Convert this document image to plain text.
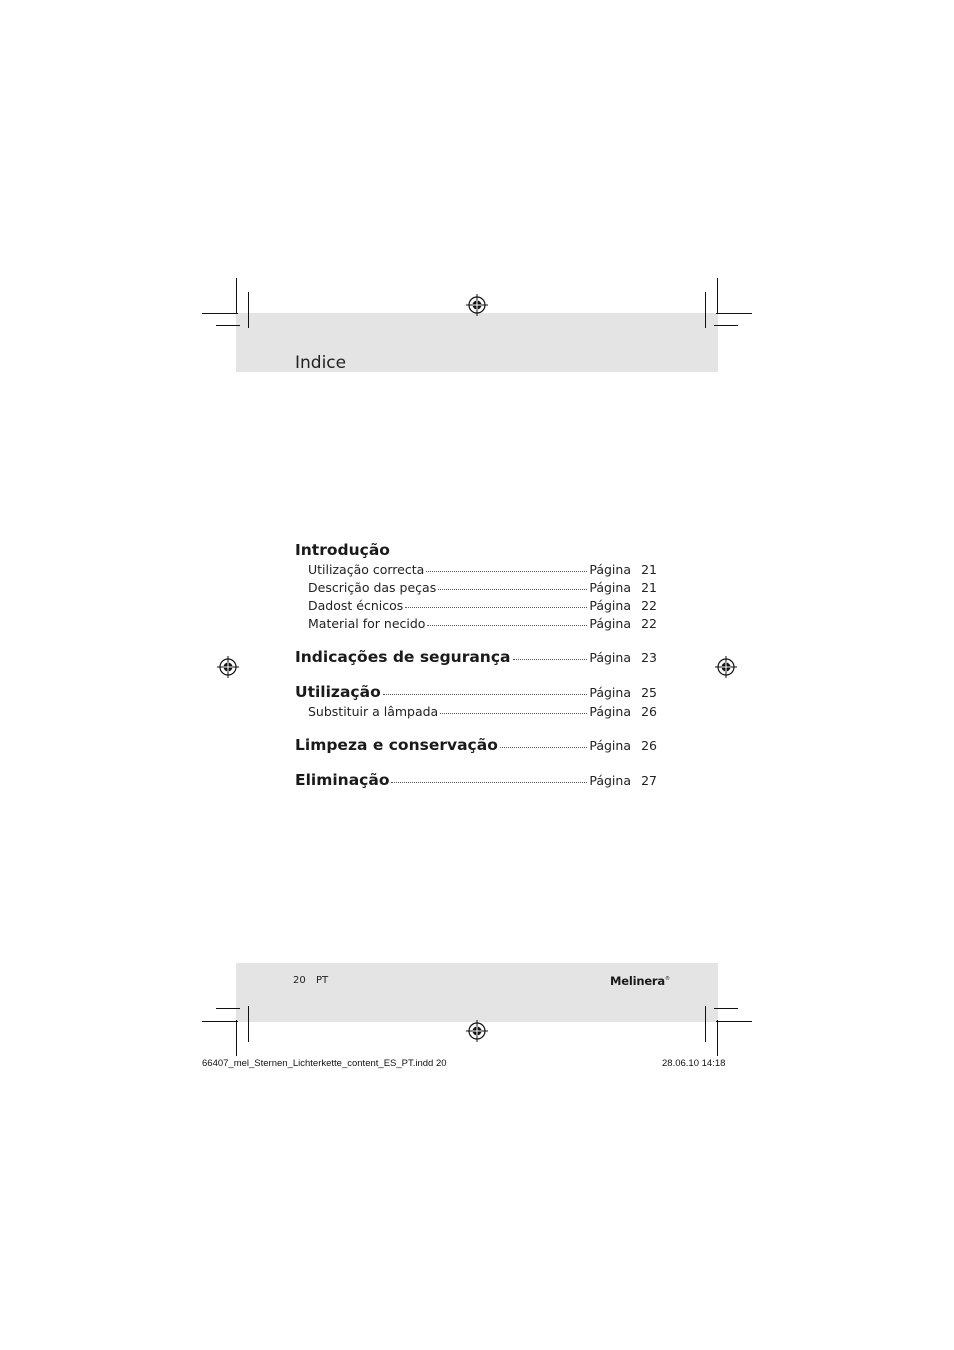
Indice
Introdução
Utilização correcta	Página 21
Descrição das peças	Página 21
Dadost écnicos	Página 22
Material for necido	Página 22
Indicações de segurança	Página 23
Utilização	Página 25
Substituir a lâmpada	Página 26
Limpeza e conservação	Página 26
Eliminação	Página 27
20 PT	Melinera®
66407_mel_Sternen_Lichterkette_content_ES_PT.indd 20	28.06.10 14:18
